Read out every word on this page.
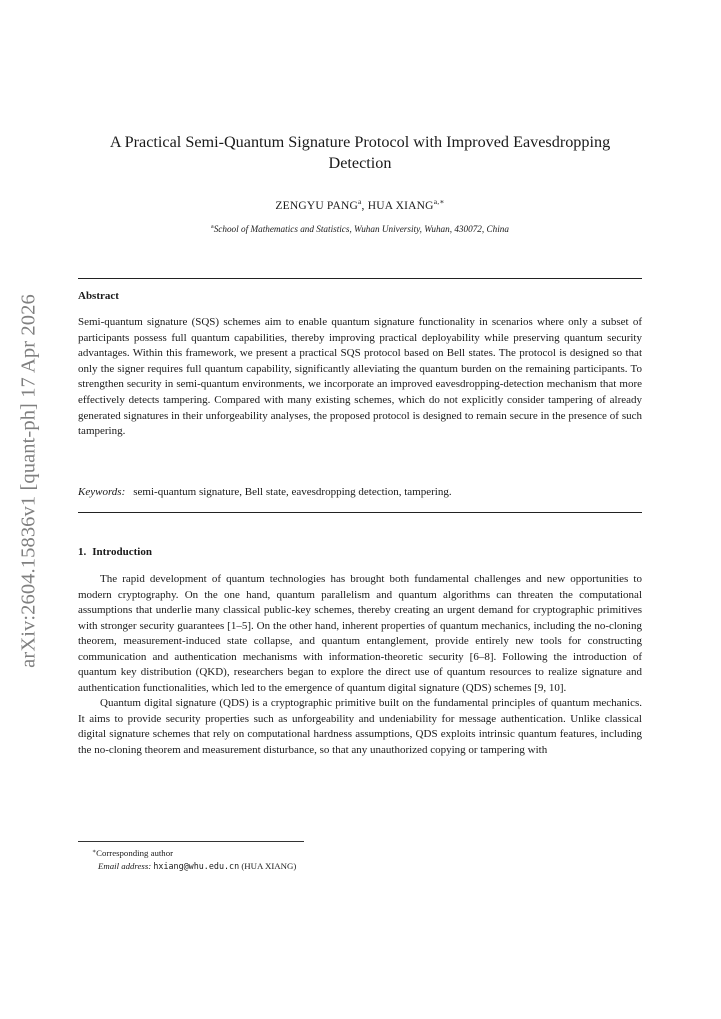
arXiv:2604.15836v1 [quant-ph] 17 Apr 2026
A Practical Semi-Quantum Signature Protocol with Improved Eavesdropping Detection
ZENGYU PANG$^a$, HUA $XIANG^{a,∗}$
$^a$School of Mathematics and Statistics, Wuhan University, Wuhan, 430072, China
Abstract

Semi-quantum signature (SQS) schemes aim to enable quantum signature functionality in scenarios where only a subset of participants possess full quantum capabilities, thereby improving practical deployability while preserving quantum security advantages. Within this framework, we present a practical SQS protocol based on Bell states. The protocol is designed so that only the signer requires full quantum capability, significantly alleviating the quantum burden on the remaining participants. To strengthen security in semi-quantum environments, we incorporate an improved eavesdropping-detection mechanism that more effectively detects tampering. Compared with many existing schemes, which do not explicitly consider tampering of already generated signatures in their unforgeability analyses, the proposed protocol is designed to remain secure in the presence of such tampering.

Keywords: semi-quantum signature, Bell state, eavesdropping detection, tampering.
1. Introduction

The rapid development of quantum technologies has brought both fundamental challenges and new opportunities to modern cryptography. On the one hand, quantum parallelism and quantum algorithms can threaten the computational assumptions that underlie many classical public-key schemes, thereby creating an urgent demand for cryptographic primitives with stronger security guarantees [1–5]. On the other hand, inherent properties of quantum mechanics, including the no-cloning theorem, measurement-induced state collapse, and quantum entanglement, provide entirely new tools for constructing communication and authentication mechanisms with information-theoretic security [6–8]. Following the introduction of quantum key distribution (QKD), researchers began to explore the direct use of quantum resources to realize signature and authentication functionalities, which led to the emergence of quantum digital signature (QDS) schemes [9, 10].

Quantum digital signature (QDS) is a cryptographic primitive built on the fundamental principles of quantum mechanics. It aims to provide security properties such as unforgeability and undeniability for message authentication. Unlike classical digital signature schemes that rely on computational hardness assumptions, QDS exploits intrinsic quantum features, including the no-cloning theorem and measurement disturbance, so that any unauthorized copying or tampering with

∗Corresponding author
Email address: hxiang@whu.edu.cn (HUA XIANG)
